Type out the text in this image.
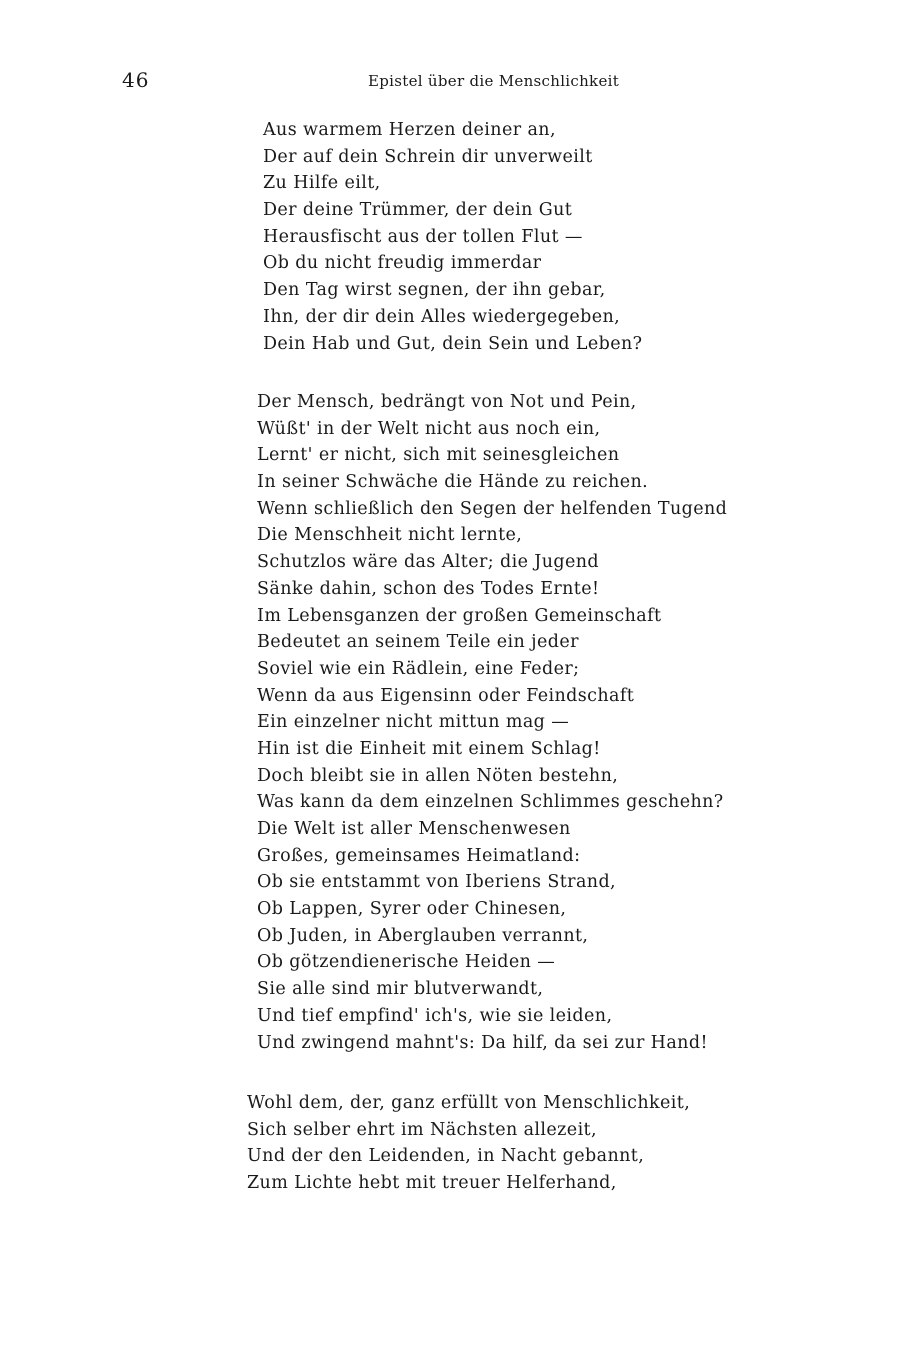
46	Epistel über die Menschlichkeit
Aus warmem Herzen deiner an,
Der auf dein Schrein dir unverweilt
Zu Hilfe eilt,
Der deine Trümmer, der dein Gut
Herausfischt aus der tollen Flut —
Ob du nicht freudig immerdar
Den Tag wirst segnen, der ihn gebar,
Ihn, der dir dein Alles wiedergegeben,
Dein Hab und Gut, dein Sein und Leben?
Der Mensch, bedrängt von Not und Pein,
Wüßt' in der Welt nicht aus noch ein,
Lernt' er nicht, sich mit seinesgleichen
In seiner Schwäche die Hände zu reichen.
Wenn schließlich den Segen der helfenden Tugend
Die Menschheit nicht lernte,
Schutzlos wäre das Alter; die Jugend
Sänke dahin, schon des Todes Ernte!
Im Lebensganzen der großen Gemeinschaft
Bedeutet an seinem Teile ein jeder
Soviel wie ein Rädlein, eine Feder;
Wenn da aus Eigensinn oder Feindschaft
Ein einzelner nicht mittun mag —
Hin ist die Einheit mit einem Schlag!
Doch bleibt sie in allen Nöten bestehn,
Was kann da dem einzelnen Schlimmes geschehn?
Die Welt ist aller Menschenwesen
Großes, gemeinsames Heimatland:
Ob sie entstammt von Iberiens Strand,
Ob Lappen, Syrer oder Chinesen,
Ob Juden, in Aberglauben verrannt,
Ob götzendienerische Heiden —
Sie alle sind mir blutverwandt,
Und tief empfind' ich's, wie sie leiden,
Und zwingend mahnt's: Da hilf, da sei zur Hand!
Wohl dem, der, ganz erfüllt von Menschlichkeit,
Sich selber ehrt im Nächsten allezeit,
Und der den Leidenden, in Nacht gebannt,
Zum Lichte hebt mit treuer Helferhand,
